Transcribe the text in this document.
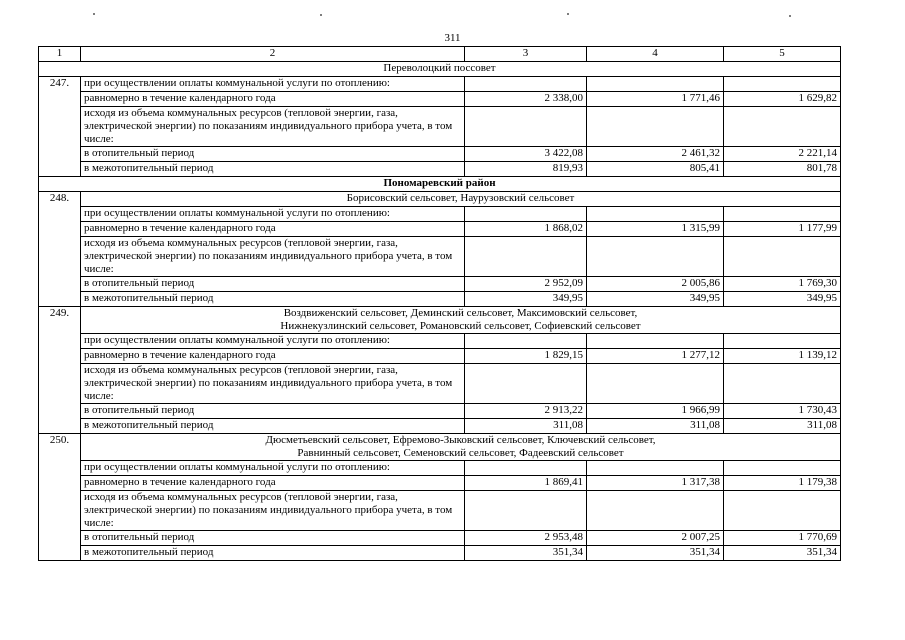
311
1	2	3	4	5
Переволоцкий поссовет				
247.	при осуществлении оплаты коммунальной услуги по отоплению:			
	равномерно в течение календарного года	2 338,00	1 771,46	1 629,82
	исходя из объема коммунальных ресурсов (тепловой энергии, газа, электрической энергии) по показаниям индивидуального прибора учета, в том числе:			
	в отопительный период	3 422,08	2 461,32	2 221,14
	в межотопительный период	819,93	805,41	801,78
Пономаревский район				
248.	Борисовский сельсовет, Наурузовский сельсовет			
	при осуществлении оплаты коммунальной услуги по отоплению:			
	равномерно в течение календарного года	1 868,02	1 315,99	1 177,99
	исходя из объема коммунальных ресурсов (тепловой энергии, газа, электрической энергии) по показаниям индивидуального прибора учета, в том числе:			
	в отопительный период	2 952,09	2 005,86	1 769,30
	в межотопительный период	349,95	349,95	349,95
249.	Воздвиженский сельсовет, Деминский сельсовет, Максимовский сельсовет,
Нижнекузлинский сельсовет, Романовский сельсовет, Софиевский сельсовет			

	при осуществлении оплаты коммунальной услуги по отоплению:			
	равномерно в течение календарного года	1 829,15	1 277,12	1 139,12
	исходя из объема коммунальных ресурсов (тепловой энергии, газа, электрической энергии) по показаниям индивидуального прибора учета, в том числе:			
	в отопительный период	2 913,22	1 966,99	1 730,43
	в межотопительный период	311,08	311,08	311,08
250.	Дюсметьевский сельсовет, Ефремово-Зыковский сельсовет, Ключевский сельсовет,
Равнинный сельсовет, Семеновский сельсовет, Фадеевский сельсовет			

	при осуществлении оплаты коммунальной услуги по отоплению:			
	равномерно в течение календарного года	1 869,41	1 317,38	1 179,38
	исходя из объема коммунальных ресурсов (тепловой энергии, газа, электрической энергии) по показаниям индивидуального прибора учета, в том числе:			
	в отопительный период	2 953,48	2 007,25	1 770,69
	в межотопительный период	351,34	351,34	351,34
